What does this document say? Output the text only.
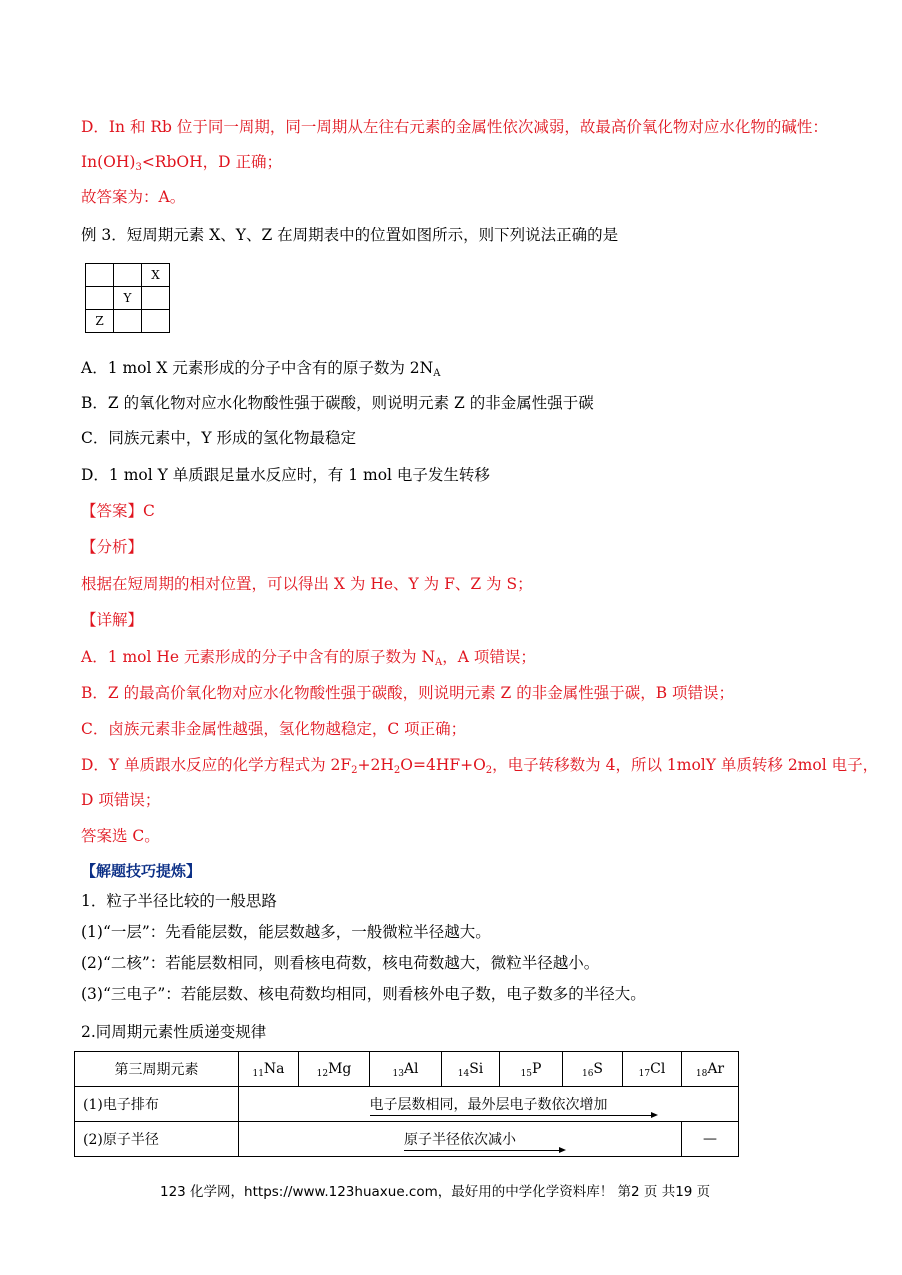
D．In 和 Rb 位于同一周期，同一周期从左往右元素的金属性依次减弱，故最高价氧化物对应水化物的碱性：
$In(OH)_3<RbOH$，D 正确；
故答案为：A。
例 3．短周期元素 X、Y、Z 在周期表中的位置如图所示，则下列说法正确的是
		X
	Y	
Z		
A．1 mol X 元素形成的分子中含有的原子数为 $2N_A$
B．Z 的氧化物对应水化物酸性强于碳酸，则说明元素 Z 的非金属性强于碳
C．同族元素中，Y 形成的氢化物最稳定
D．1 mol Y 单质跟足量水反应时，有 1 mol 电子发生转移
【答案】C
【分析】
根据在短周期的相对位置，可以得出 X 为 He、Y 为 F、Z 为 S；
【详解】
A．1 mol He 元素形成的分子中含有的原子数为 $N_A$，A 项错误；
B．Z 的最高价氧化物对应水化物酸性强于碳酸，则说明元素 Z 的非金属性强于碳，B 项错误；
C．卤族元素非金属性越强，氢化物越稳定，C 项正确；
D．Y 单质跟水反应的化学方程式为 $2F_2+2H_2O=4HF+O_2$，电子转移数为 4，所以 1molY 单质转移 2mol 电子，
D 项错误；
答案选 C。
【解题技巧提炼】
1．粒子半径比较的一般思路
(1)“一层”：先看能层数，能层数越多，一般微粒半径越大。
(2)“二核”：若能层数相同，则看核电荷数，核电荷数越大，微粒半径越小。
(3)“三电子”：若能层数、核电荷数均相同，则看核外电子数，电子数多的半径大。
2.同周期元素性质递变规律
第三周期元素	$_{11}$Na	$_{12}$Mg	$_{13}$Al	$_{14}$Si	$_{15}$P	$_{16}$S	$_{17}$Cl	$_{18}$Ar
(1)电子排布	电子层数相同，最外层电子数依次增加							

(2)原子半径	原子半径依次减小							—
123 化学网，https://www.123huaxue.com，最好用的中学化学资料库！ 第2 页 共19 页
